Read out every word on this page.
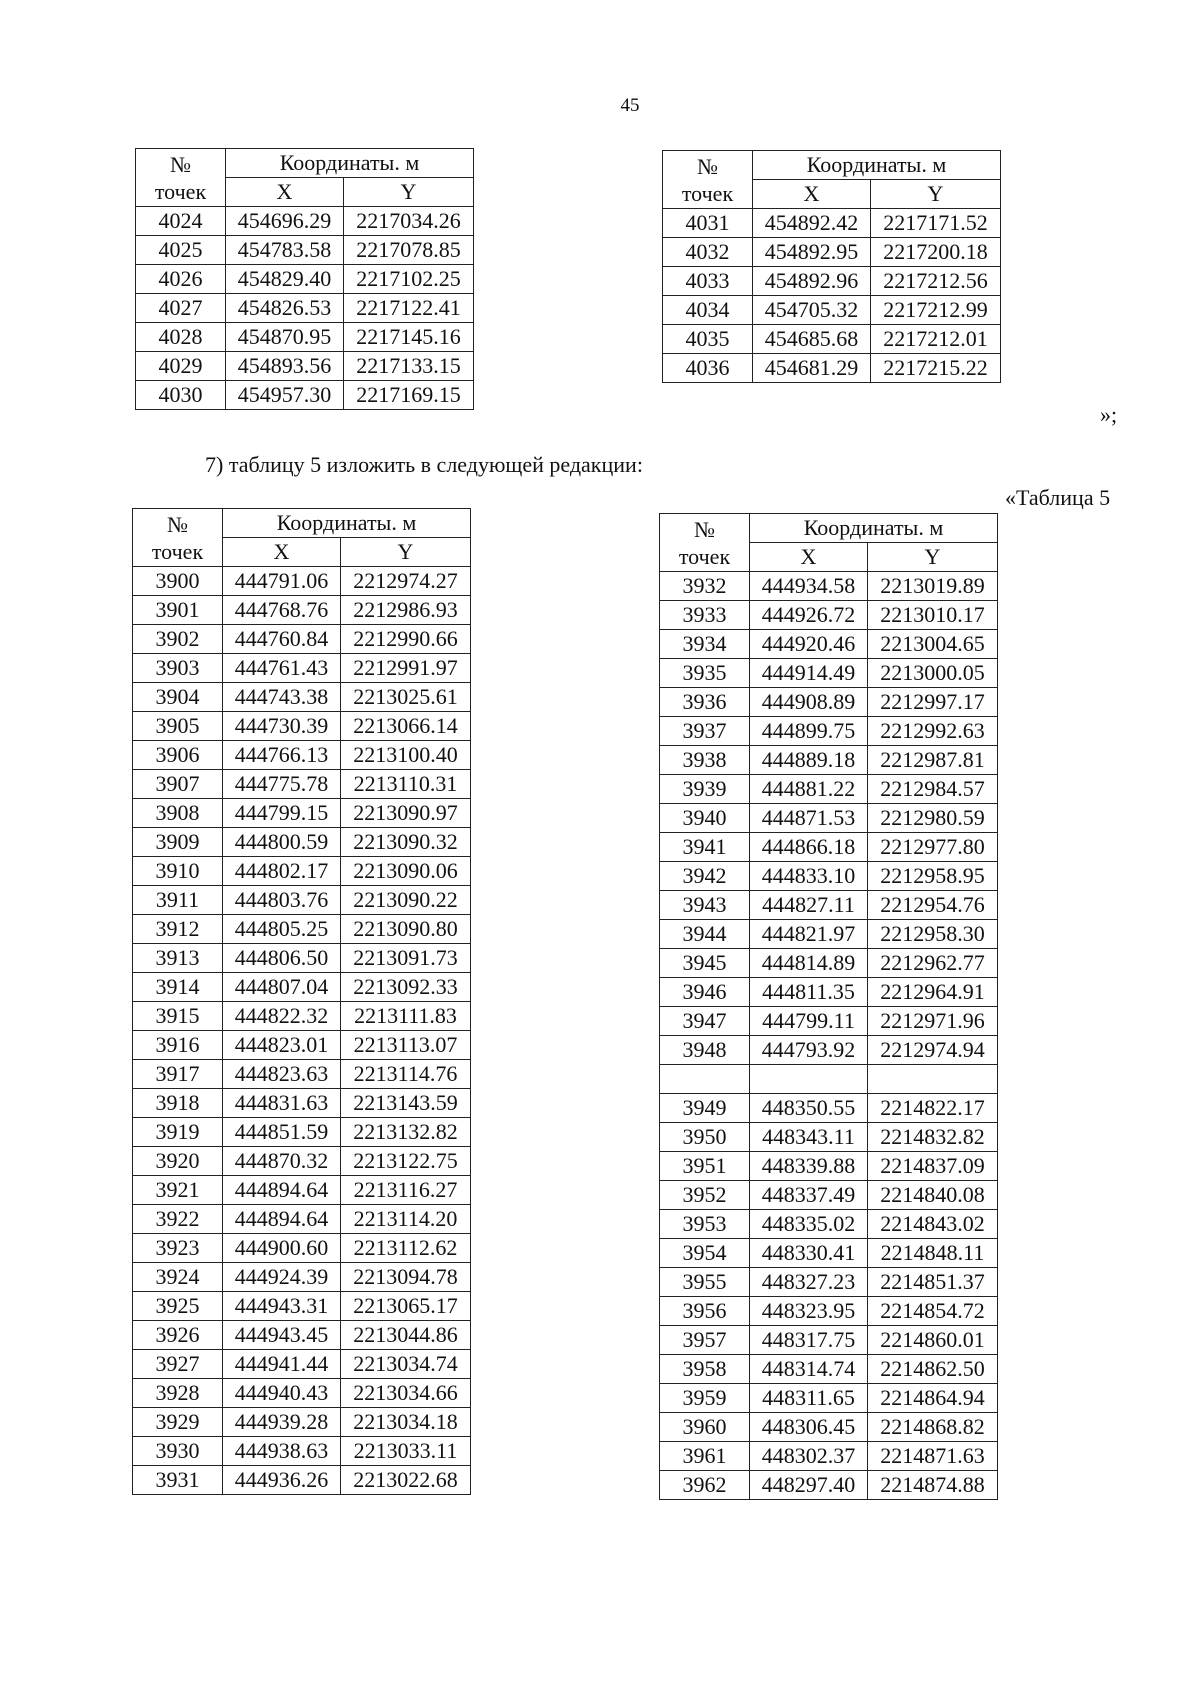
45
№
точек	Координаты. м	
	X	Y
4024	454696.29	2217034.26
4025	454783.58	2217078.85
4026	454829.40	2217102.25
4027	454826.53	2217122.41
4028	454870.95	2217145.16
4029	454893.56	2217133.15
4030	454957.30	2217169.15
№
точек	Координаты. м	
	X	Y
4031	454892.42	2217171.52
4032	454892.95	2217200.18
4033	454892.96	2217212.56
4034	454705.32	2217212.99
4035	454685.68	2217212.01
4036	454681.29	2217215.22
»;
7) таблицу 5 изложить в следующей редакции:
«Таблица 5
№
точек	Координаты. м	
	X	Y
3900	444791.06	2212974.27
3901	444768.76	2212986.93
3902	444760.84	2212990.66
3903	444761.43	2212991.97
3904	444743.38	2213025.61
3905	444730.39	2213066.14
3906	444766.13	2213100.40
3907	444775.78	2213110.31
3908	444799.15	2213090.97
3909	444800.59	2213090.32
3910	444802.17	2213090.06
3911	444803.76	2213090.22
3912	444805.25	2213090.80
3913	444806.50	2213091.73
3914	444807.04	2213092.33
3915	444822.32	2213111.83
3916	444823.01	2213113.07
3917	444823.63	2213114.76
3918	444831.63	2213143.59
3919	444851.59	2213132.82
3920	444870.32	2213122.75
3921	444894.64	2213116.27
3922	444894.64	2213114.20
3923	444900.60	2213112.62
3924	444924.39	2213094.78
3925	444943.31	2213065.17
3926	444943.45	2213044.86
3927	444941.44	2213034.74
3928	444940.43	2213034.66
3929	444939.28	2213034.18
3930	444938.63	2213033.11
3931	444936.26	2213022.68
№
точек	Координаты. м	
	X	Y
3932	444934.58	2213019.89
3933	444926.72	2213010.17
3934	444920.46	2213004.65
3935	444914.49	2213000.05
3936	444908.89	2212997.17
3937	444899.75	2212992.63
3938	444889.18	2212987.81
3939	444881.22	2212984.57
3940	444871.53	2212980.59
3941	444866.18	2212977.80
3942	444833.10	2212958.95
3943	444827.11	2212954.76
3944	444821.97	2212958.30
3945	444814.89	2212962.77
3946	444811.35	2212964.91
3947	444799.11	2212971.96
3948	444793.92	2212974.94

3949	448350.55	2214822.17
3950	448343.11	2214832.82
3951	448339.88	2214837.09
3952	448337.49	2214840.08
3953	448335.02	2214843.02
3954	448330.41	2214848.11
3955	448327.23	2214851.37
3956	448323.95	2214854.72
3957	448317.75	2214860.01
3958	448314.74	2214862.50
3959	448311.65	2214864.94
3960	448306.45	2214868.82
3961	448302.37	2214871.63
3962	448297.40	2214874.88
